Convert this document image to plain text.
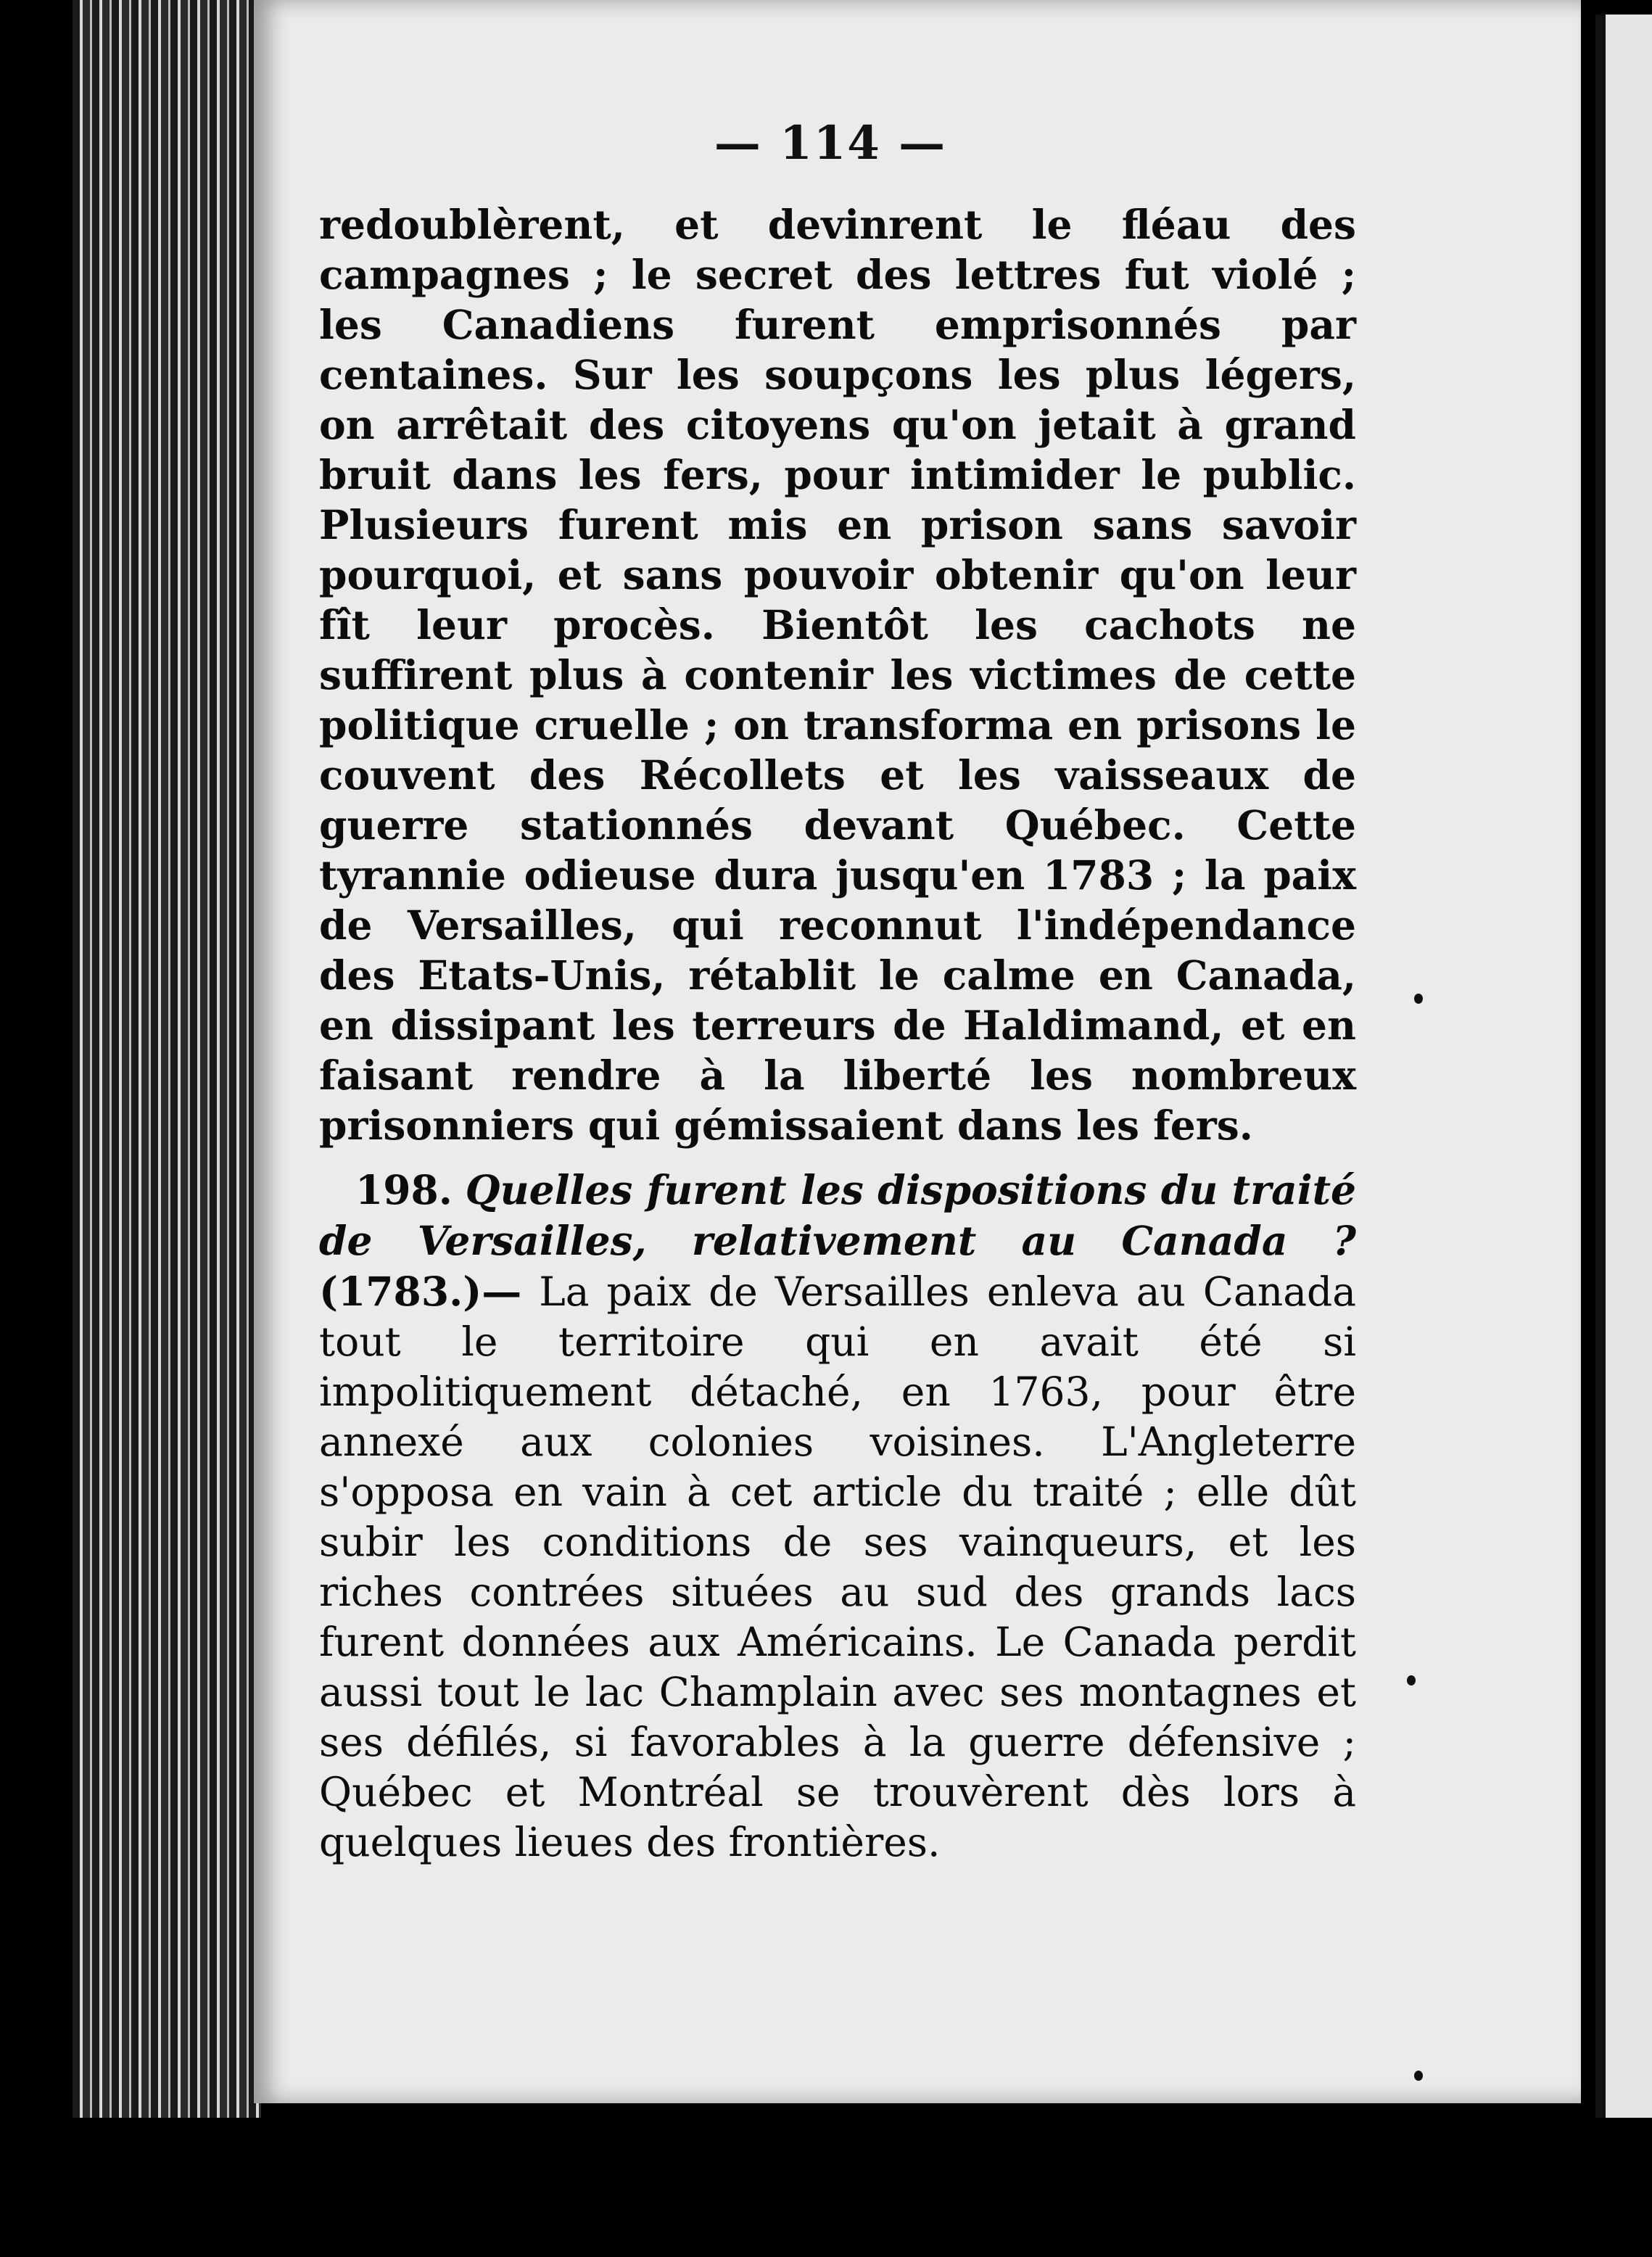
— 114 —

redoublèrent, et devinrent le fléau des campagnes ; le secret des lettres fut violé ; les Canadiens furent emprisonnés par centaines. Sur les soupçons les plus légers, on arrêtait des citoyens qu'on jetait à grand bruit dans les fers, pour intimider le public. Plusieurs furent mis en prison sans savoir pourquoi, et sans pouvoir obtenir qu'on leur fît leur procès. Bientôt les cachots ne suffirent plus à contenir les victimes de cette politique cruelle ; on transforma en prisons le couvent des Récollets et les vaisseaux de guerre stationnés devant Québec. Cette tyrannie odieuse dura jusqu'en 1783 ; la paix de Versailles, qui reconnut l'indépendance des Etats-Unis, rétablit le calme en Canada, en dissipant les terreurs de Haldimand, et en faisant rendre à la liberté les nombreux prisonniers qui gémissaient dans les fers.

198. Quelles furent les dispositions du traité de Versailles, relativement au Canada ? (1783.)— La paix de Versailles enleva au Canada tout le territoire qui en avait été si impolitiquement détaché, en 1763, pour être annexé aux colonies voisines. L'Angleterre s'opposa en vain à cet article du traité ; elle dût subir les conditions de ses vainqueurs, et les riches contrées situées au sud des grands lacs furent données aux Américains. Le Canada perdit aussi tout le lac Champlain avec ses montagnes et ses défilés, si favorables à la guerre défensive ; Québec et Montréal se trouvèrent dès lors à quelques lieues des frontières.
